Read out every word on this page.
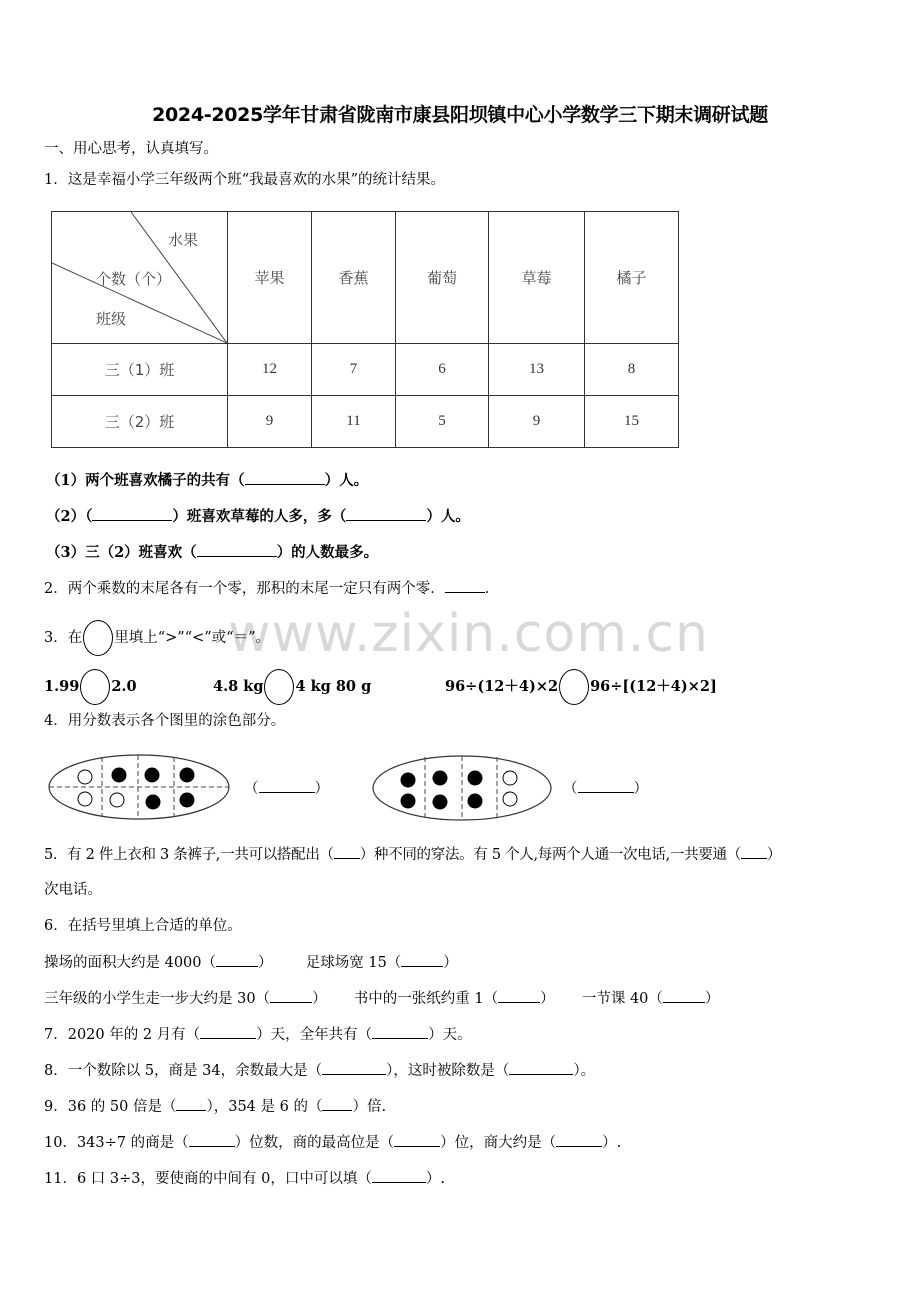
2024-2025学年甘肃省陇南市康县阳坝镇中心小学数学三下期末调研试题
www.zixin.com.cn
一、用心思考，认真填写。
1．这是幸福小学三年级两个班“我最喜欢的水果”的统计结果。
水果
个数（个）
班级	苹果	香蕉	葡萄	草莓	橘子
三（1）班	12	7	6	13	8
三（2）班	9	11	5	9	15
（1）两个班喜欢橘子的共有（	）人。
（2）（	）班喜欢草莓的人多，多（	）人。
（3）三（2）班喜欢（	）的人数最多。
2．两个乘数的末尾各有一个零，那积的末尾一定只有两个零．	．
3．在 里填上“>”“<”或“＝”。
1.99 2.0	4.8 kg 4 kg 80 g	96÷(12＋4)×2 96÷[(12＋4)×2]
4．用分数表示各个图里的涂色部分。
（	）	（	）
5．有 2 件上衣和 3 条裤子,一共可以搭配出（ ）种不同的穿法。有 5 个人,每两个人通一次电话,一共要通（ ）
次电话。
6．在括号里填上合适的单位。
操场的面积大约是 4000（	） 足球场宽 15（	）
三年级的小学生走一步大约是 30（	） 书中的一张纸约重 1（	） 一节课 40（	）
7．2020 年的 2 月有（	）天，全年共有（	）天。
8．一个数除以 5，商是 34，余数最大是（	），这时被除数是（	）。
9．36 的 50 倍是（ ），354 是 6 的（ ）倍.
10．343÷7 的商是（	）位数，商的最高位是（	）位，商大约是（	）.
11．6 口 3÷3，要使商的中间有 0，口中可以填（	）.
